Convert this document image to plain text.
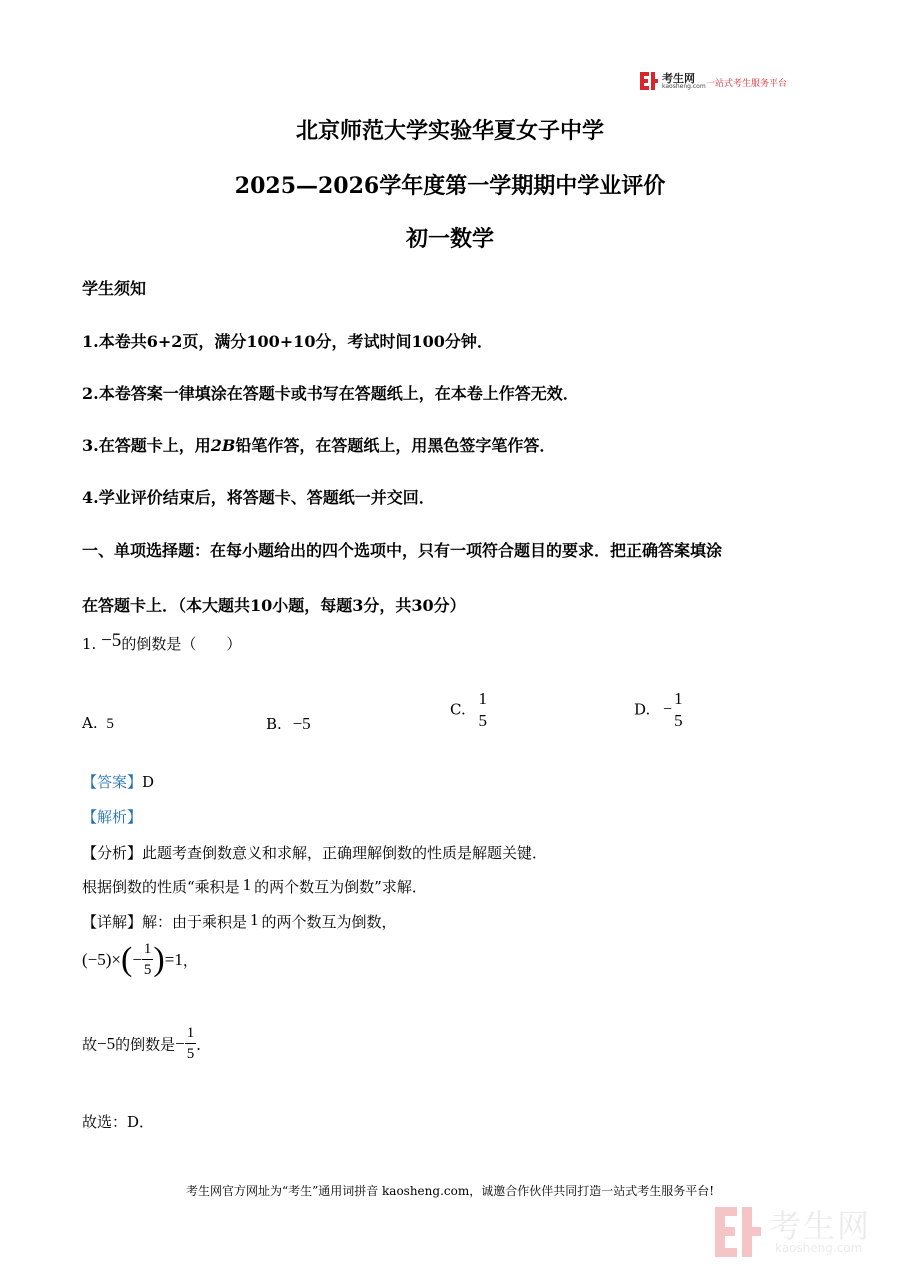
考生网
kaosheng.com 一站式考生服务平台
北京师范大学实验华夏女子中学
2025—2026学年度第一学期期中学业评价
初一数学
学生须知
1.本卷共6+2页，满分100+10分，考试时间100分钟．
2.本卷答案一律填涂在答题卡或书写在答题纸上，在本卷上作答无效．
3.在答题卡上，用2B铅笔作答，在答题纸上，用黑色签字笔作答．
4.学业评价结束后，将答题卡、答题纸一并交回．
一、单项选择题：在每小题给出的四个选项中，只有一项符合题目的要求．把正确答案填涂
在答题卡上．（本大题共10小题，每题3分，共30分）
1. −5的倒数是（　　）
A. 5	B. −5
C.
1
5
D. −
1
5
【答案】D
【解析】
【分析】此题考查倒数意义和求解，正确理解倒数的性质是解题关键．
根据倒数的性质“乘积是 1 的两个数互为倒数”求解．
【详解】解：由于乘积是 1 的两个数互为倒数，
$(-5)\times(- \frac{1}{5} )=1$，
故−5的倒数是− $\frac{1}{5}$ ．
故选：D．
考生网官方网址为“考生”通用词拼音 kaosheng.com，诚邀合作伙伴共同打造一站式考生服务平台!
考生网
kaosheng.com
